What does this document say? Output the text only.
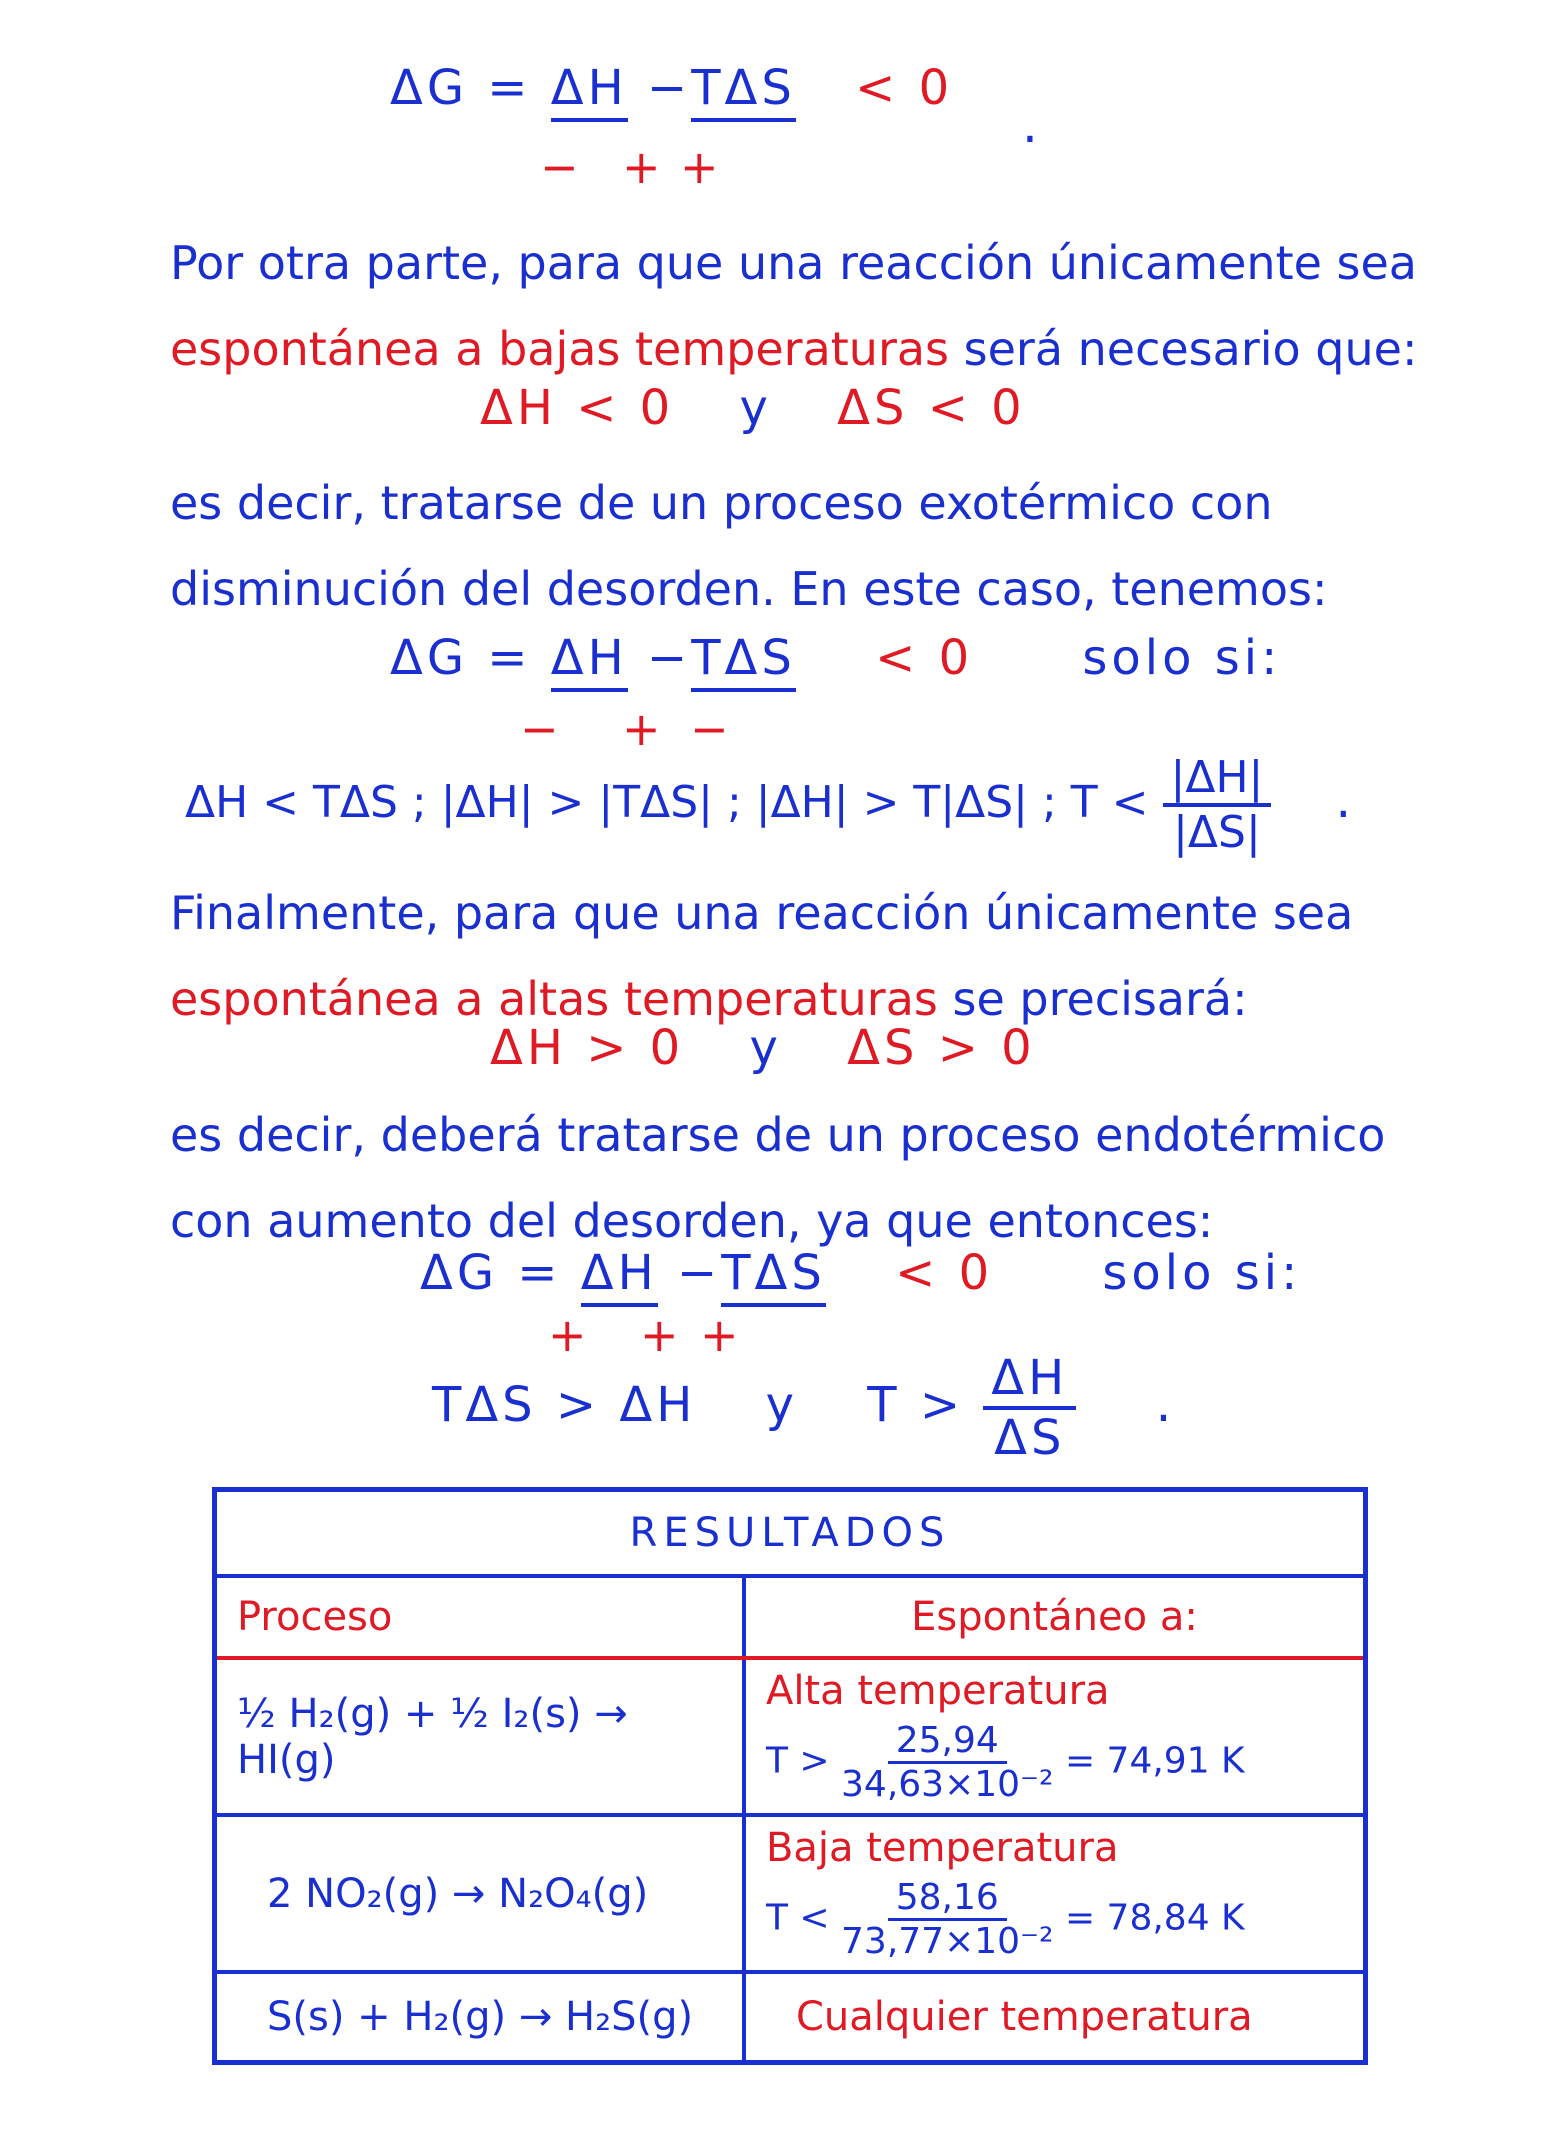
ΔG = ΔH −TΔS < 0
− + +
.
Por otra parte, para que una reacción únicamente sea espontánea a bajas temperaturas será necesario que:
ΔH < 0 y ΔS < 0
es decir, tratarse de un proceso exotérmico con disminución del desorden. En este caso, tenemos:
ΔG = ΔH −TΔS < 0 solo si:
− + −
ΔH < TΔS ; |ΔH| > |TΔS| ; |ΔH| > T|ΔS| ; $T < \frac{|\Delta H|}{|\Delta S|}$ .
Finalmente, para que una reacción únicamente sea espontánea a altas temperaturas se precisará:
ΔH > 0 y ΔS > 0
es decir, deberá tratarse de un proceso endotérmico con aumento del desorden, ya que entonces:
ΔG = ΔH −TΔS < 0 solo si:
+ + +
TΔS > ΔH y $T > \frac{\Delta H}{\Delta S}$ .
RESULTADOS	
Proceso	Espontáneo a:
½ H₂(g) + ½ I₂(s) → HI(g)	Alta temperatura
$T > \frac{25,94}{\text{34,63×10⁻²}} = 74,91$ K

2 NO₂(g) → N₂O₄(g)	Baja temperatura
$T < \frac{58,16}{\text{73,77×10⁻²}} = 78,84$ K

S(s) + H₂(g) → H₂S(g)	Cualquier temperatura
